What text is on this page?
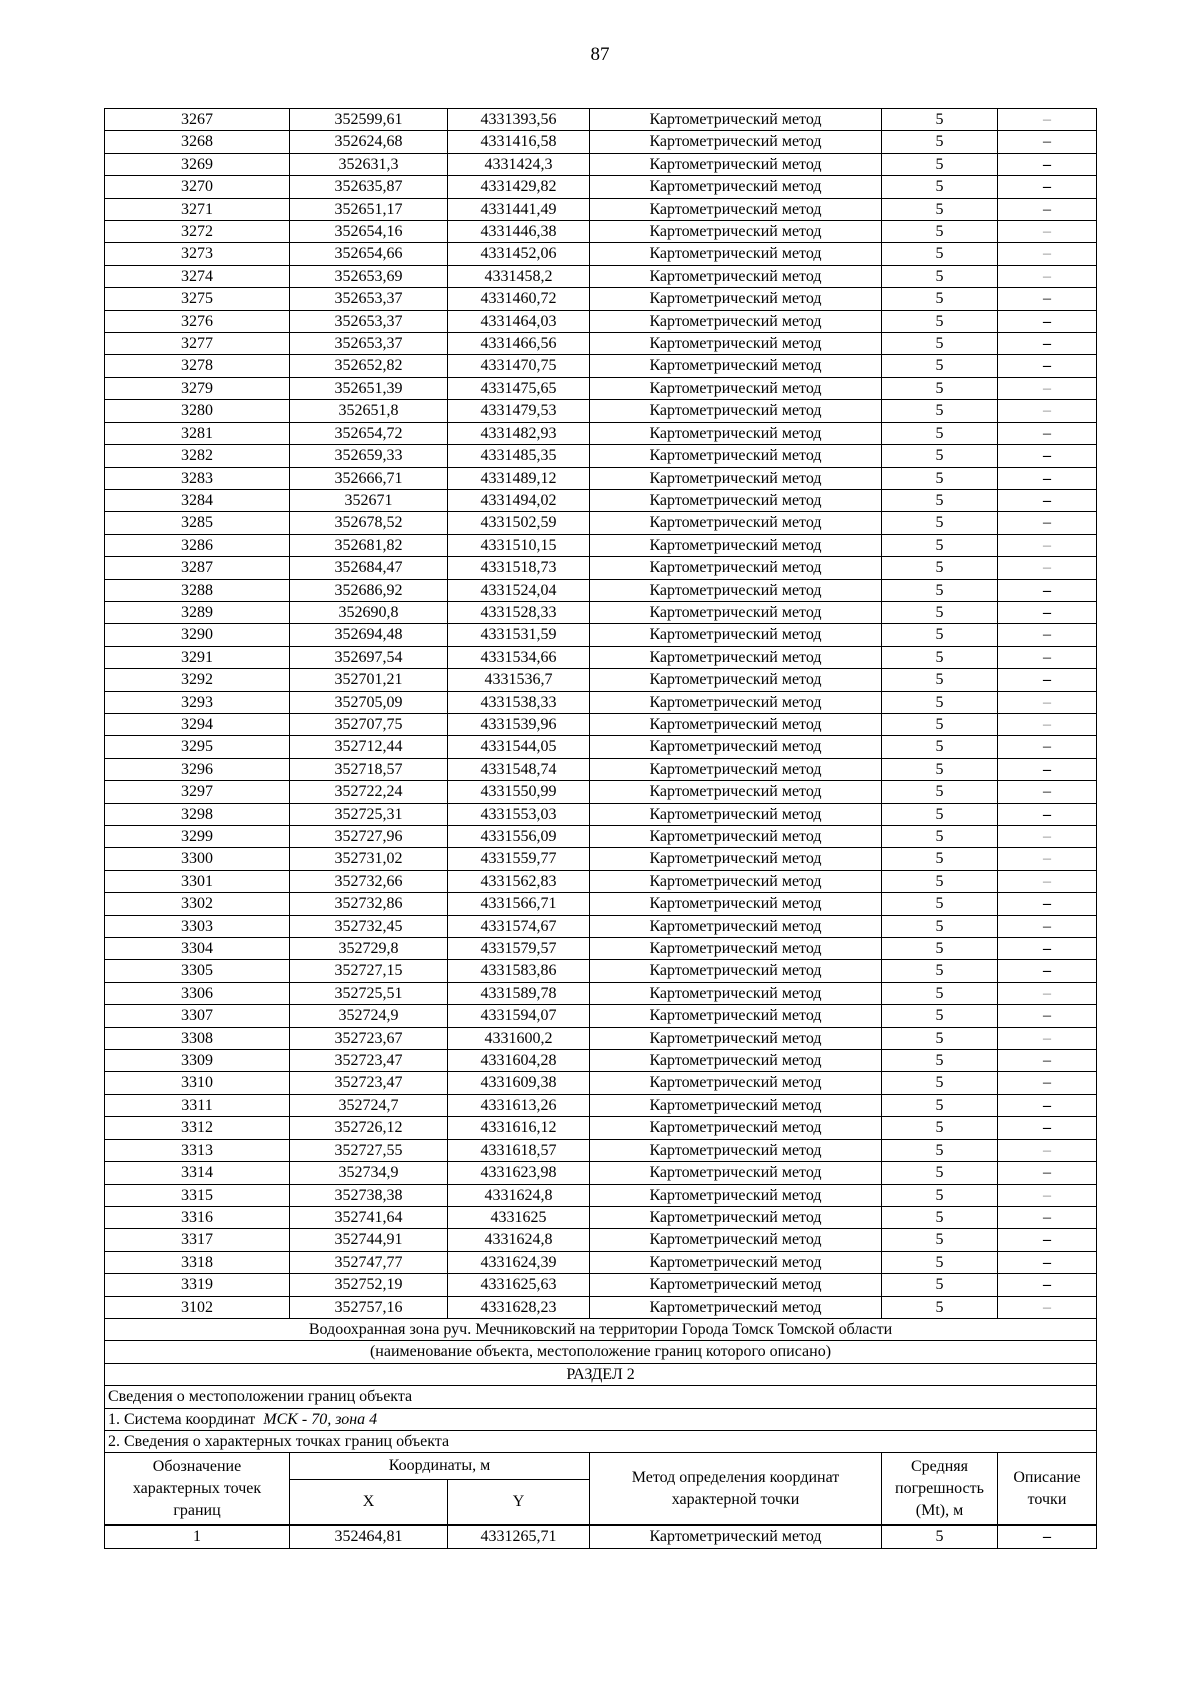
87
3267	352599,61	4331393,56	Картометрический метод	5	–
3268	352624,68	4331416,58	Картометрический метод	5	–
3269	352631,3	4331424,3	Картометрический метод	5	–
3270	352635,87	4331429,82	Картометрический метод	5	–
3271	352651,17	4331441,49	Картометрический метод	5	–
3272	352654,16	4331446,38	Картометрический метод	5	–
3273	352654,66	4331452,06	Картометрический метод	5	–
3274	352653,69	4331458,2	Картометрический метод	5	–
3275	352653,37	4331460,72	Картометрический метод	5	–
3276	352653,37	4331464,03	Картометрический метод	5	–
3277	352653,37	4331466,56	Картометрический метод	5	–
3278	352652,82	4331470,75	Картометрический метод	5	–
3279	352651,39	4331475,65	Картометрический метод	5	–
3280	352651,8	4331479,53	Картометрический метод	5	–
3281	352654,72	4331482,93	Картометрический метод	5	–
3282	352659,33	4331485,35	Картометрический метод	5	–
3283	352666,71	4331489,12	Картометрический метод	5	–
3284	352671	4331494,02	Картометрический метод	5	–
3285	352678,52	4331502,59	Картометрический метод	5	–
3286	352681,82	4331510,15	Картометрический метод	5	–
3287	352684,47	4331518,73	Картометрический метод	5	–
3288	352686,92	4331524,04	Картометрический метод	5	–
3289	352690,8	4331528,33	Картометрический метод	5	–
3290	352694,48	4331531,59	Картометрический метод	5	–
3291	352697,54	4331534,66	Картометрический метод	5	–
3292	352701,21	4331536,7	Картометрический метод	5	–
3293	352705,09	4331538,33	Картометрический метод	5	–
3294	352707,75	4331539,96	Картометрический метод	5	–
3295	352712,44	4331544,05	Картометрический метод	5	–
3296	352718,57	4331548,74	Картометрический метод	5	–
3297	352722,24	4331550,99	Картометрический метод	5	–
3298	352725,31	4331553,03	Картометрический метод	5	–
3299	352727,96	4331556,09	Картометрический метод	5	–
3300	352731,02	4331559,77	Картометрический метод	5	–
3301	352732,66	4331562,83	Картометрический метод	5	–
3302	352732,86	4331566,71	Картометрический метод	5	–
3303	352732,45	4331574,67	Картометрический метод	5	–
3304	352729,8	4331579,57	Картометрический метод	5	–
3305	352727,15	4331583,86	Картометрический метод	5	–
3306	352725,51	4331589,78	Картометрический метод	5	–
3307	352724,9	4331594,07	Картометрический метод	5	–
3308	352723,67	4331600,2	Картометрический метод	5	–
3309	352723,47	4331604,28	Картометрический метод	5	–
3310	352723,47	4331609,38	Картометрический метод	5	–
3311	352724,7	4331613,26	Картометрический метод	5	–
3312	352726,12	4331616,12	Картометрический метод	5	–
3313	352727,55	4331618,57	Картометрический метод	5	–
3314	352734,9	4331623,98	Картометрический метод	5	–
3315	352738,38	4331624,8	Картометрический метод	5	–
3316	352741,64	4331625	Картометрический метод	5	–
3317	352744,91	4331624,8	Картометрический метод	5	–
3318	352747,77	4331624,39	Картометрический метод	5	–
3319	352752,19	4331625,63	Картометрический метод	5	–
3102	352757,16	4331628,23	Картометрический метод	5	–
Водоохранная зона руч. Мечниковский на территории Города Томск Томской области					
(наименование объекта, местоположение границ которого описано)					
РАЗДЕЛ 2					
Сведения о местоположении границ объекта					
1. Система координат МСК - 70, зона 4					
2. Сведения о характерных точках границ объекта					
Обозначение характерных точек границ	Координаты, м		Метод определения координат характерной точки	Средняя погрешность (Mt), м	Описание точки
	X	Y			
1	352464,81	4331265,71	Картометрический метод	5	–
